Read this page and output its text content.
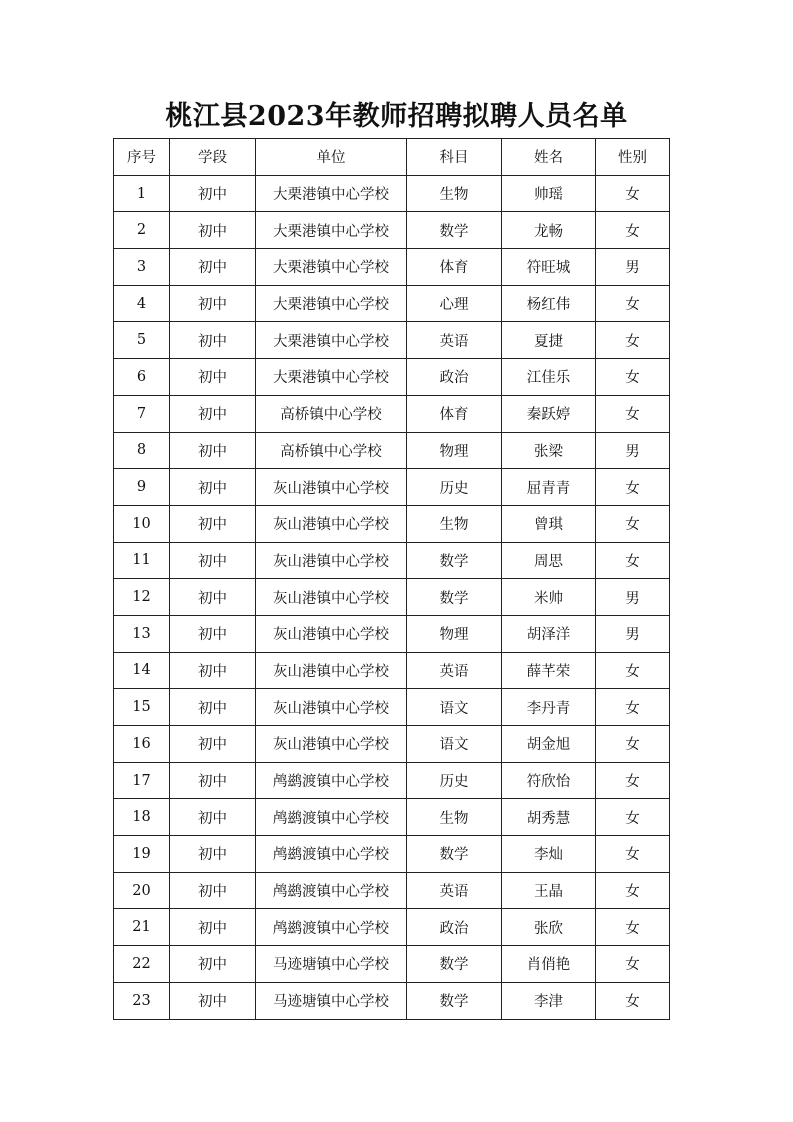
桃江县2023年教师招聘拟聘人员名单
序号	学段	单位	科目	姓名	性别
1	初中	大栗港镇中心学校	生物	帅瑶	女
2	初中	大栗港镇中心学校	数学	龙畅	女
3	初中	大栗港镇中心学校	体育	符旺城	男
4	初中	大栗港镇中心学校	心理	杨红伟	女
5	初中	大栗港镇中心学校	英语	夏捷	女
6	初中	大栗港镇中心学校	政治	江佳乐	女
7	初中	高桥镇中心学校	体育	秦跃婷	女
8	初中	高桥镇中心学校	物理	张梁	男
9	初中	灰山港镇中心学校	历史	屈青青	女
10	初中	灰山港镇中心学校	生物	曾琪	女
11	初中	灰山港镇中心学校	数学	周思	女
12	初中	灰山港镇中心学校	数学	米帅	男
13	初中	灰山港镇中心学校	物理	胡泽洋	男
14	初中	灰山港镇中心学校	英语	薛芊荣	女
15	初中	灰山港镇中心学校	语文	李丹青	女
16	初中	灰山港镇中心学校	语文	胡金旭	女
17	初中	鸬鹚渡镇中心学校	历史	符欣怡	女
18	初中	鸬鹚渡镇中心学校	生物	胡秀慧	女
19	初中	鸬鹚渡镇中心学校	数学	李灿	女
20	初中	鸬鹚渡镇中心学校	英语	王晶	女
21	初中	鸬鹚渡镇中心学校	政治	张欣	女
22	初中	马迹塘镇中心学校	数学	肖俏艳	女
23	初中	马迹塘镇中心学校	数学	李津	女
